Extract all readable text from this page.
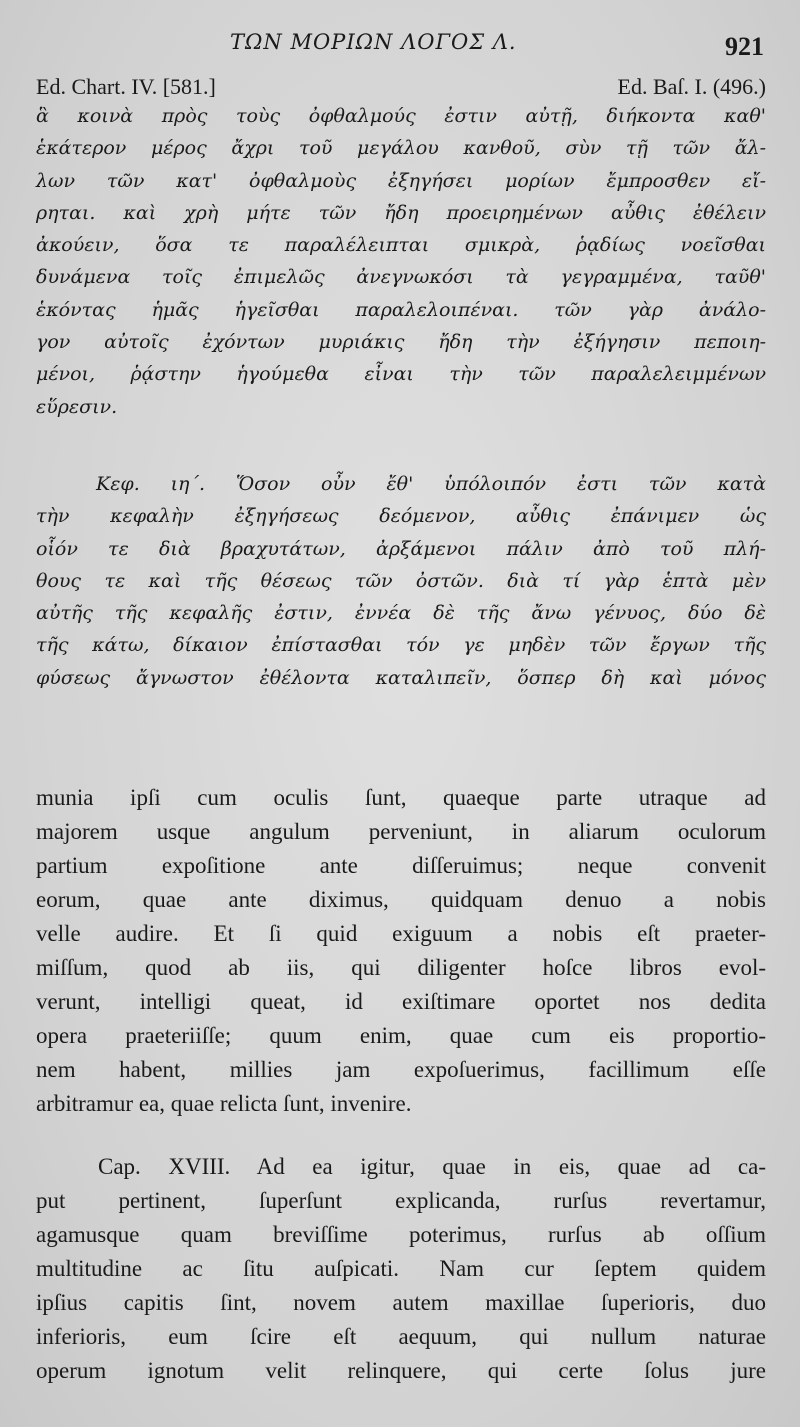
ΤΩΝ ΜΟΡΙΩΝ ΛΟΓΟΣ Λ.	921
Ed. Chart. IV. [581.]	Ed. Baſ. I. (496.)
ἃ κοινὰ πρὸς τοὺς ὀφθαλμούς ἐστιν αὐτῇ, διήκοντα καθ'
ἑκάτερον μέρος ἄχρι τοῦ μεγάλου κανθοῦ, σὺν τῇ τῶν ἄλ-
λων τῶν κατ' ὀφθαλμοὺς ἐξηγήσει μορίων ἔμπροσθεν εἴ-
ρηται. καὶ χρὴ μήτε τῶν ἤδη προειρημένων αὖθις ἐθέλειν
ἀκούειν, ὅσα τε παραλέλειπται σμικρὰ, ῥᾳδίως νοεῖσθαι
δυνάμενα τοῖς ἐπιμελῶς ἀνεγνωκόσι τὰ γεγραμμένα, ταῦθ'
ἑκόντας ἡμᾶς ἡγεῖσθαι παραλελοιπέναι. τῶν γὰρ ἀνάλο-
γον αὐτοῖς ἐχόντων μυριάκις ἤδη τὴν ἐξήγησιν πεποιη-
μένοι, ῥᾴστην ἡγούμεθα εἶναι τὴν τῶν παραλελειμμένων
εὕρεσιν.
Κεφ. ιη΄. Ὅσον οὖν ἔθ' ὑπόλοιπόν ἐστι τῶν κατὰ
τὴν κεφαλὴν ἐξηγήσεως δεόμενον, αὖθις ἐπάνιμεν ὡς
οἷόν τε διὰ βραχυτάτων, ἀρξάμενοι πάλιν ἀπὸ τοῦ πλή-
θους τε καὶ τῆς θέσεως τῶν ὀστῶν. διὰ τί γὰρ ἑπτὰ μὲν
αὐτῆς τῆς κεφαλῆς ἐστιν, ἐννέα δὲ τῆς ἄνω γένυος, δύο δὲ
τῆς κάτω, δίκαιον ἐπίστασθαι τόν γε μηδὲν τῶν ἔργων τῆς
φύσεως ἄγνωστον ἐθέλοντα καταλιπεῖν, ὅσπερ δὴ καὶ μόνος
munia ipſi cum oculis ſunt, quaeque parte utraque ad
majorem usque angulum perveniunt, in aliarum oculorum
partium expoſitione ante diſſeruimus; neque convenit
eorum, quae ante diximus, quidquam denuo a nobis
velle audire. Et ſi quid exiguum a nobis eſt praeter-
miſſum, quod ab iis, qui diligenter hoſce libros evol-
verunt, intelligi queat, id exiſtimare oportet nos dedita
opera praeteriiſſe; quum enim, quae cum eis proportio-
nem habent, millies jam expoſuerimus, facillimum eſſe
arbitramur ea, quae relicta ſunt, invenire.
Cap. XVIII. Ad ea igitur, quae in eis, quae ad ca-
put pertinent, ſuperſunt explicanda, rurſus revertamur,
agamusque quam breviſſime poterimus, rurſus ab oſſium
multitudine ac ſitu auſpicati. Nam cur ſeptem quidem
ipſius capitis ſint, novem autem maxillae ſuperioris, duo
inferioris, eum ſcire eſt aequum, qui nullum naturae
operum ignotum velit relinquere, qui certe ſolus jure
